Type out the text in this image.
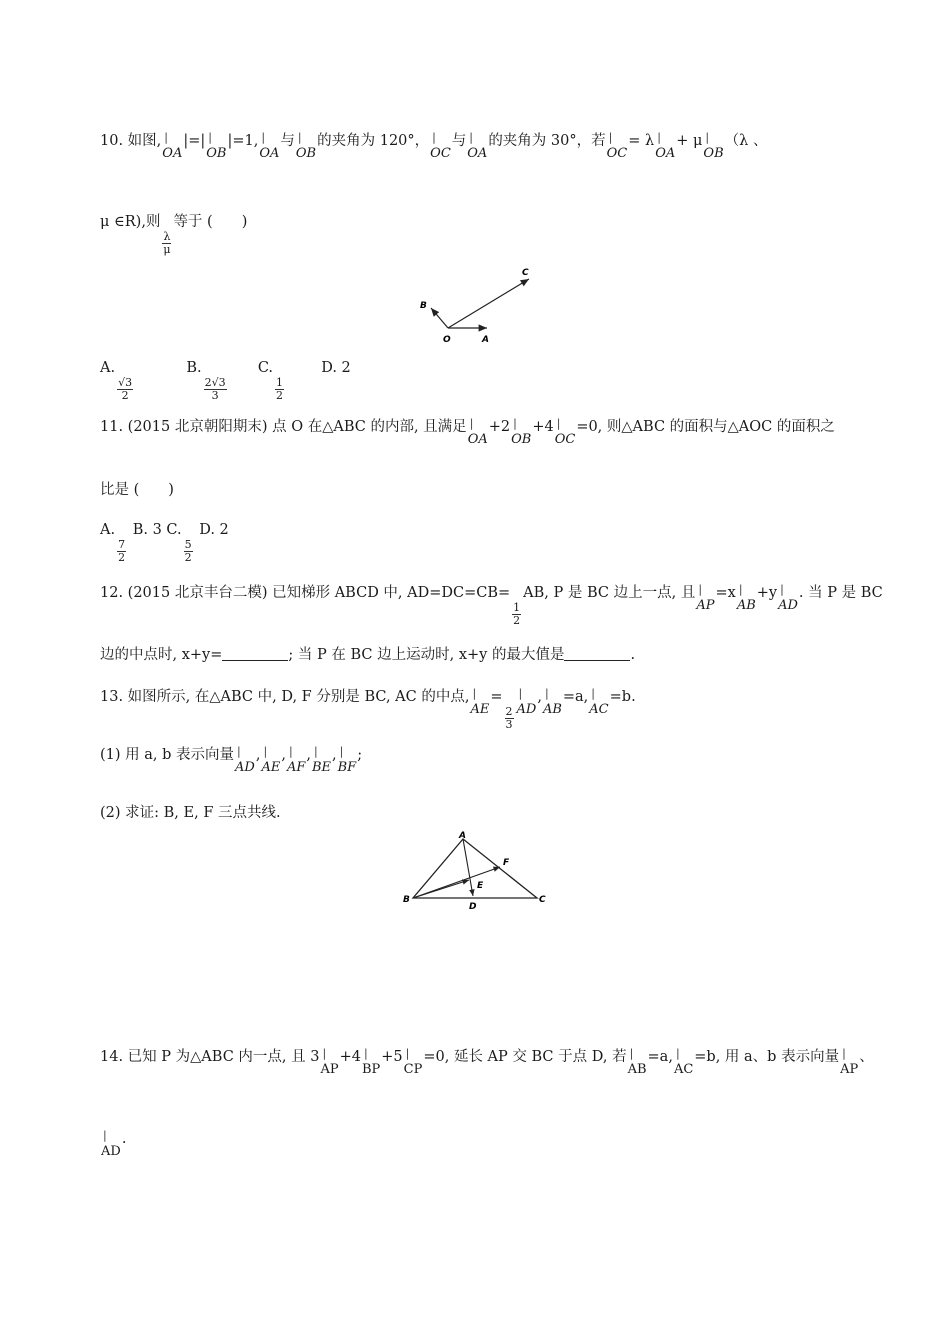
10. 如图,| OA|=|| OB|=1,| OA与| OB的夹角为 120°，| OC与| OA的夹角为 30°，若| OC= λ| OA+ μ| OB（λ 、
μ ∈R),则
$\frac{\lambda}{\mu}$
等于 (　　)
O	A
B
C
A.
$\frac{√3}{2}$
B.
$\frac{2√3}{3}$
C.
$\frac{1}{2}$
D. 2
11. (2015 北京朝阳期末) 点 O 在△ABC 的内部, 且满足| OA+2| OB+4| OC=0, 则△ABC 的面积与△AOC 的面积之
比是 (　　)
A.
$\frac{7}{2}$
B. 3 C.
$\frac{5}{2}$
D. 2
12. (2015 北京丰台二模) 已知梯形 ABCD 中, AD=DC=CB=
$\frac{1}{2}$
AB, P 是 BC 边上一点, 且| AP=x| AB+y| AD. 当 P 是 BC
边的中点时, x+y=	; 当 P 在 BC 边上运动时, x+y 的最大值是	.
13. 如图所示, 在△ABC 中, D, F 分别是 BC, AC 的中点,| AE=
$\frac{2}{3}$
| AD,| AB=a,| AC=b.
(1) 用 a, b 表示向量| AD,| AE,| AF,| BE,| BF;
(2) 求证: B, E, F 三点共线.
A
B	C
D
E
F
14. 已知 P 为△ABC 内一点, 且 3| AP+4| BP+5| CP=0, 延长 AP 交 BC 于点 D, 若| AB=a,| AC=b, 用 a、b 表示向量| AP、
| AD.
